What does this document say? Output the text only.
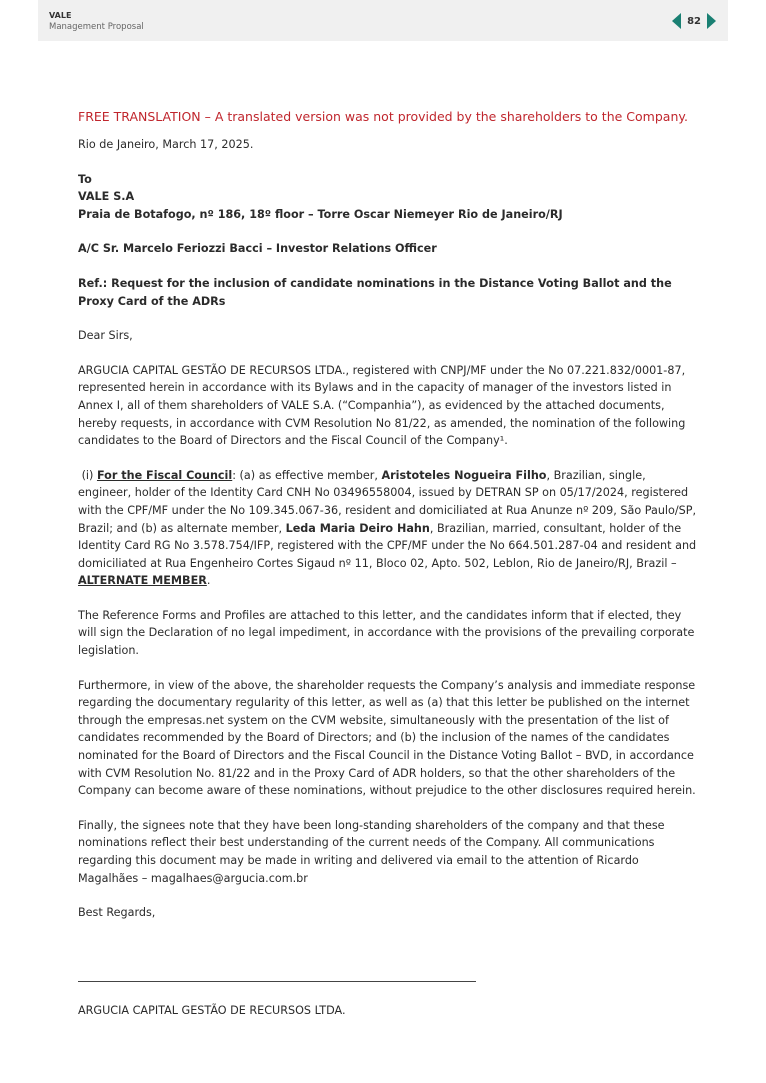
VALE
Management Proposal
82

FREE TRANSLATION – A translated version was not provided by the shareholders to the Company.

Rio de Janeiro, March 17, 2025.

To

VALE S.A

Praia de Botafogo, nº 186, 18º floor – Torre Oscar Niemeyer Rio de Janeiro/RJ

A/C Sr. Marcelo Feriozzi Bacci – Investor Relations Officer

Ref.: Request for the inclusion of candidate nominations in the Distance Voting Ballot and the Proxy Card of the ADRs

Dear Sirs,

ARGUCIA CAPITAL GESTÃO DE RECURSOS LTDA., registered with CNPJ/MF under the No 07.221.832/0001-87, represented herein in accordance with its Bylaws and in the capacity of manager of the investors listed in Annex I, all of them shareholders of VALE S.A. (“Companhia”), as evidenced by the attached documents, hereby requests, in accordance with CVM Resolution No 81/22, as amended, the nomination of the following candidates to the Board of Directors and the Fiscal Council of the Company¹.

(i) For the Fiscal Council: (a) as effective member, Aristoteles Nogueira Filho, Brazilian, single, engineer, holder of the Identity Card CNH No 03496558004, issued by DETRAN SP on 05/17/2024, registered with the CPF/MF under the No 109.345.067-36, resident and domiciliated at Rua Anunze nº 209, São Paulo/SP, Brazil; and (b) as alternate member, Leda Maria Deiro Hahn, Brazilian, married, consultant, holder of the Identity Card RG No 3.578.754/IFP, registered with the CPF/MF under the No 664.501.287-04 and resident and domiciliated at Rua Engenheiro Cortes Sigaud nº 11, Bloco 02, Apto. 502, Leblon, Rio de Janeiro/RJ, Brazil – ALTERNATE MEMBER.

The Reference Forms and Profiles are attached to this letter, and the candidates inform that if elected, they will sign the Declaration of no legal impediment, in accordance with the provisions of the prevailing corporate legislation.

Furthermore, in view of the above, the shareholder requests the Company’s analysis and immediate response regarding the documentary regularity of this letter, as well as (a) that this letter be published on the internet through the empresas.net system on the CVM website, simultaneously with the presentation of the list of candidates recommended by the Board of Directors; and (b) the inclusion of the names of the candidates nominated for the Board of Directors and the Fiscal Council in the Distance Voting Ballot – BVD, in accordance with CVM Resolution No. 81/22 and in the Proxy Card of ADR holders, so that the other shareholders of the Company can become aware of these nominations, without prejudice to the other disclosures required herein.

Finally, the signees note that they have been long-standing shareholders of the company and that these nominations reflect their best understanding of the current needs of the Company. All communications regarding this document may be made in writing and delivered via email to the attention of Ricardo Magalhães – magalhaes@argucia.com.br

Best Regards,

ARGUCIA CAPITAL GESTÃO DE RECURSOS LTDA.
